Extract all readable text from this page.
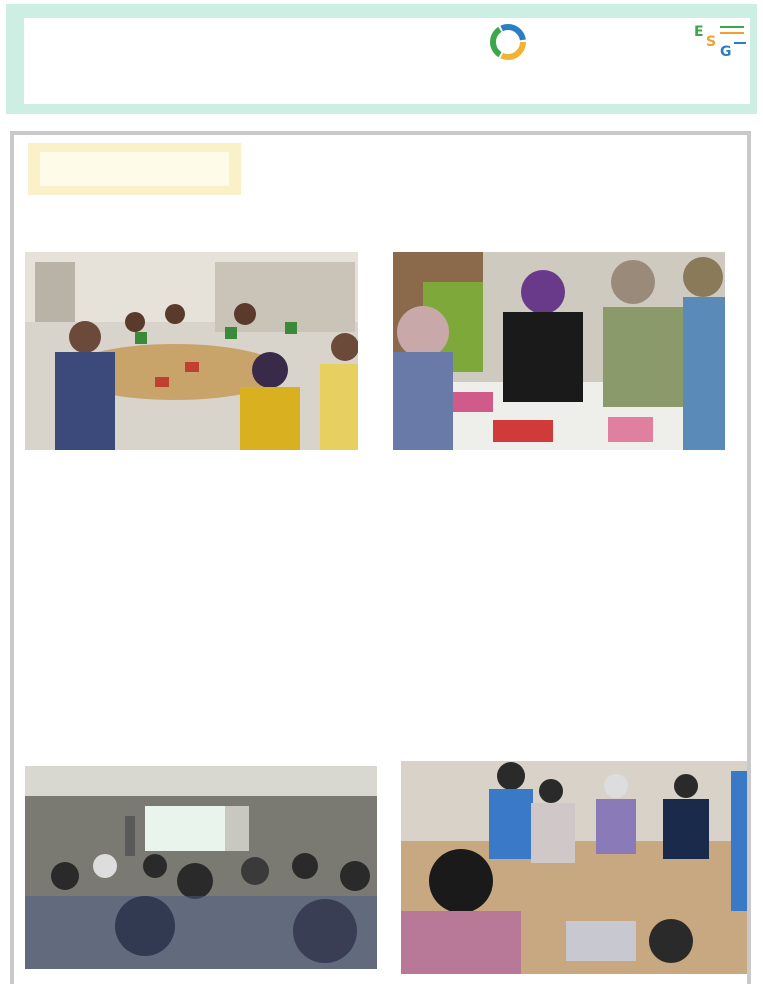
E
S
G
